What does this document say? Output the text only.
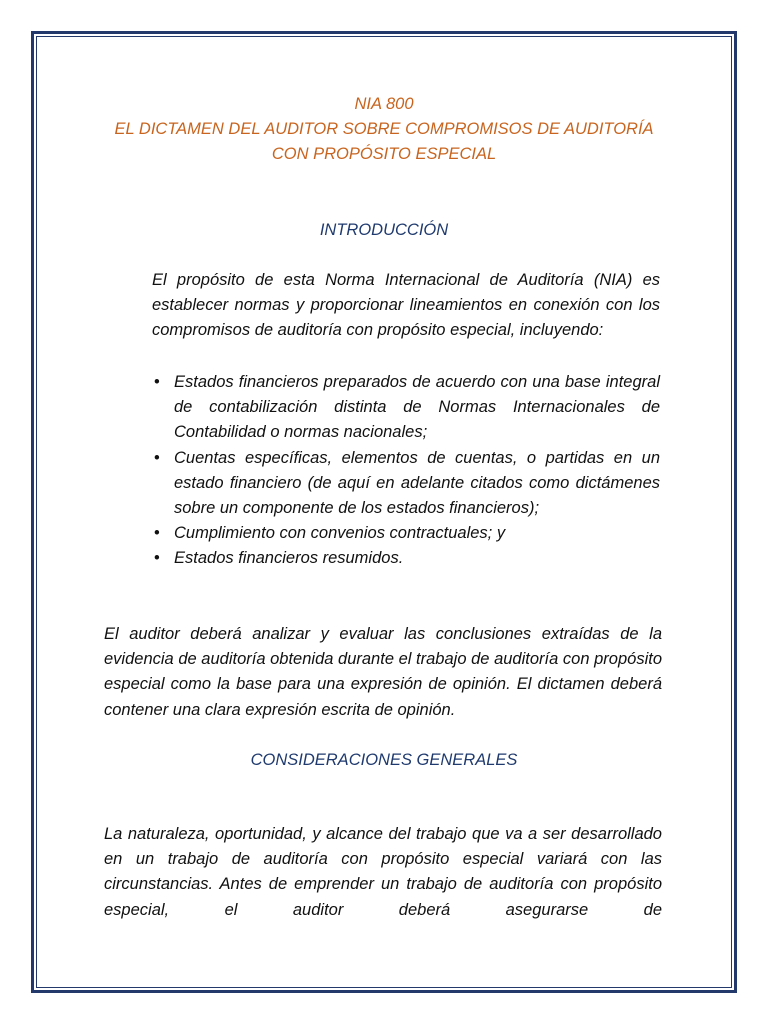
NIA 800
EL DICTAMEN DEL AUDITOR SOBRE COMPROMISOS DE AUDITORÍA
CON PROPÓSITO ESPECIAL
INTRODUCCIÓN

El propósito de esta Norma Internacional de Auditoría (NIA) es establecer normas y proporcionar lineamientos en conexión con los compromisos de auditoría con propósito especial, incluyendo:

• Estados financieros preparados de acuerdo con una base integral de contabilización distinta de Normas Internacionales de Contabilidad o normas nacionales;
• Cuentas específicas, elementos de cuentas, o partidas en un estado financiero (de aquí en adelante citados como dictámenes sobre un componente de los estados financieros);
• Cumplimiento con convenios contractuales; y
• Estados financieros resumidos.

El auditor deberá analizar y evaluar las conclusiones extraídas de la evidencia de auditoría obtenida durante el trabajo de auditoría con propósito especial como la base para una expresión de opinión. El dictamen deberá contener una clara expresión escrita de opinión.

CONSIDERACIONES GENERALES

La naturaleza, oportunidad, y alcance del trabajo que va a ser desarrollado en un trabajo de auditoría con propósito especial variará con las circunstancias. Antes de emprender un trabajo de auditoría con propósito especial, el auditor deberá asegurarse de
